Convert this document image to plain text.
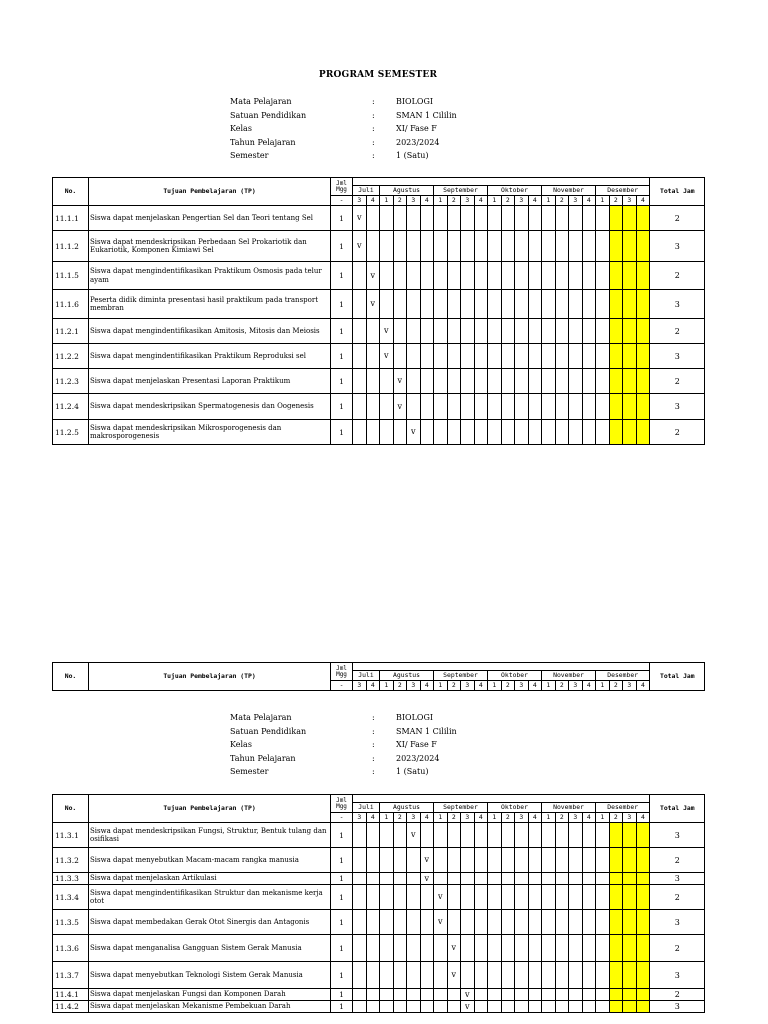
PROGRAM SEMESTER
Mata Pelajaran	:	BIOLOGI
Satuan Pendidikan	:	SMAN 1 Cililin
Kelas	:	XI/ Fase F
Tahun Pelajaran	:	2023/2024
Semester	:	1 (Satu)
No.	Tujuan Pembelajaran (TP)	Jml
Mgg																							Total Jam
			Juli		Agustus				September				Oktober				November				Desember				
		-	3	4	1	2	3	4	1	2	3	4	1	2	3	4	1	2	3	4	1	2	3	4	
11.1.1	Siswa dapat menjelaskan Pengertian Sel dan Teori tentang Sel	1	v																						2
11.1.2	Siswa dapat mendeskripsikan Perbedaan Sel Prokariotik dan Eukariotik, Komponen Kimiawi Sel	1	v																						3
11.1.5	Siswa dapat mengindentifikasikan Praktikum Osmosis pada telur ayam	1		v																					2
11.1.6	Peserta didik diminta presentasi hasil praktikum pada transport membran	1		v																					3
11.2.1	Siswa dapat mengindentifikasikan Amitosis, Mitosis dan Meiosis	1			v																				2
11.2.2	Siswa dapat mengindentifikasikan Praktikum Reproduksi sel	1			v																				3
11.2.3	Siswa dapat menjelaskan Presentasi Laporan Praktikum	1				v																			2
11.2.4	Siswa dapat mendeskripsikan Spermatogenesis dan Oogenesis	1				v																			3
11.2.5	Siswa dapat mendeskripsikan Mikrosporogenesis dan makrosporogenesis	1					v																		2
No.	Tujuan Pembelajaran (TP)	Jml
Mgg																							Total Jam
			Juli		Agustus				September				Oktober				November				Desember				
		-	3	4	1	2	3	4	1	2	3	4	1	2	3	4	1	2	3	4	1	2	3	4	
Mata Pelajaran	:	BIOLOGI
Satuan Pendidikan	:	SMAN 1 Cililin
Kelas	:	XI/ Fase F
Tahun Pelajaran	:	2023/2024
Semester	:	1 (Satu)
No.	Tujuan Pembelajaran (TP)	Jml
Mgg																							Total Jam
			Juli		Agustus				September				Oktober				November				Desember				
		-	3	4	1	2	3	4	1	2	3	4	1	2	3	4	1	2	3	4	1	2	3	4	
11.3.1	Siswa dapat mendeskripsikan Fungsi, Struktur, Bentuk tulang dan osifikasi	1					v																		3
11.3.2	Siswa dapat menyebutkan Macam-macam rangka manusia	1						v																	2
11.3.3	Siswa dapat menjelaskan Artikulasi	1						v																	3
11.3.4	Siswa dapat mengindentifikasikan Struktur dan mekanisme kerja otot	1							v																2
11.3.5	Siswa dapat membedakan Gerak Otot Sinergis dan Antagonis	1							v																3
11.3.6	Siswa dapat menganalisa Gangguan Sistem Gerak Manusia	1								v															2
11.3.7	Siswa dapat menyebutkan Teknologi Sistem Gerak Manusia	1								v															3
11.4.1	Siswa dapat menjelaskan Fungsi dan Komponen Darah	1									v														2
11.4.2	Siswa dapat menjelaskan Mekanisme Pembekuan Darah	1									v														3
